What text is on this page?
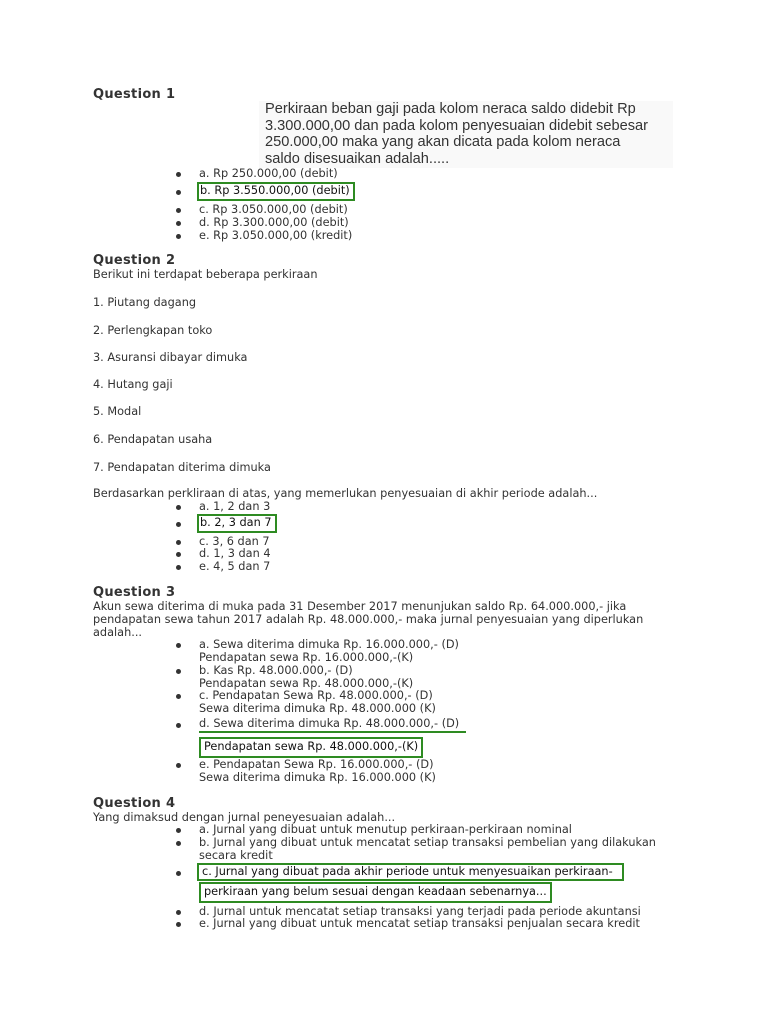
Question 1
Perkiraan beban gaji pada kolom neraca saldo didebit Rp
3.300.000,00 dan pada kolom penyesuaian didebit sebesar
250.000,00 maka yang akan dicata pada kolom neraca
saldo disesuaikan adalah.....
a. Rp 250.000,00 (debit)
b. Rp 3.550.000,00 (debit)
c. Rp 3.050.000,00 (debit)
d. Rp 3.300.000,00 (debit)
e. Rp 3.050.000,00 (kredit)
Question 2
Berikut ini terdapat beberapa perkiraan
1. Piutang dagang
2. Perlengkapan toko
3. Asuransi dibayar dimuka
4. Hutang gaji
5. Modal
6. Pendapatan usaha
7. Pendapatan diterima dimuka
Berdasarkan perkliraan di atas, yang memerlukan penyesuaian di akhir periode adalah...
a. 1, 2 dan 3
b. 2, 3 dan 7
c. 3, 6 dan 7
d. 1, 3 dan 4
e. 4, 5 dan 7
Question 3
Akun sewa diterima di muka pada 31 Desember 2017 menunjukan saldo Rp. 64.000.000,- jika
pendapatan sewa tahun 2017 adalah Rp. 48.000.000,- maka jurnal penyesuaian yang diperlukan
adalah...
a. Sewa diterima dimuka Rp. 16.000.000,- (D)
Pendapatan sewa Rp. 16.000.000,-(K)
b. Kas Rp. 48.000.000,- (D)
Pendapatan sewa Rp. 48.000.000,-(K)
c. Pendapatan Sewa Rp. 48.000.000,- (D)
Sewa diterima dimuka Rp. 48.000.000 (K)
d. Sewa diterima dimuka Rp. 48.000.000,- (D)
Pendapatan sewa Rp. 48.000.000,-(K)
e. Pendapatan Sewa Rp. 16.000.000,- (D)
Sewa diterima dimuka Rp. 16.000.000 (K)
Question 4
Yang dimaksud dengan jurnal peneyesuaian adalah...
a. Jurnal yang dibuat untuk menutup perkiraan-perkiraan nominal
b. Jurnal yang dibuat untuk mencatat setiap transaksi pembelian yang dilakukan
secara kredit
c. Jurnal yang dibuat pada akhir periode untuk menyesuaikan perkiraan-
perkiraan yang belum sesuai dengan keadaan sebenarnya...
d. Jurnal untuk mencatat setiap transaksi yang terjadi pada periode akuntansi
e. Jurnal yang dibuat untuk mencatat setiap transaksi penjualan secara kredit
